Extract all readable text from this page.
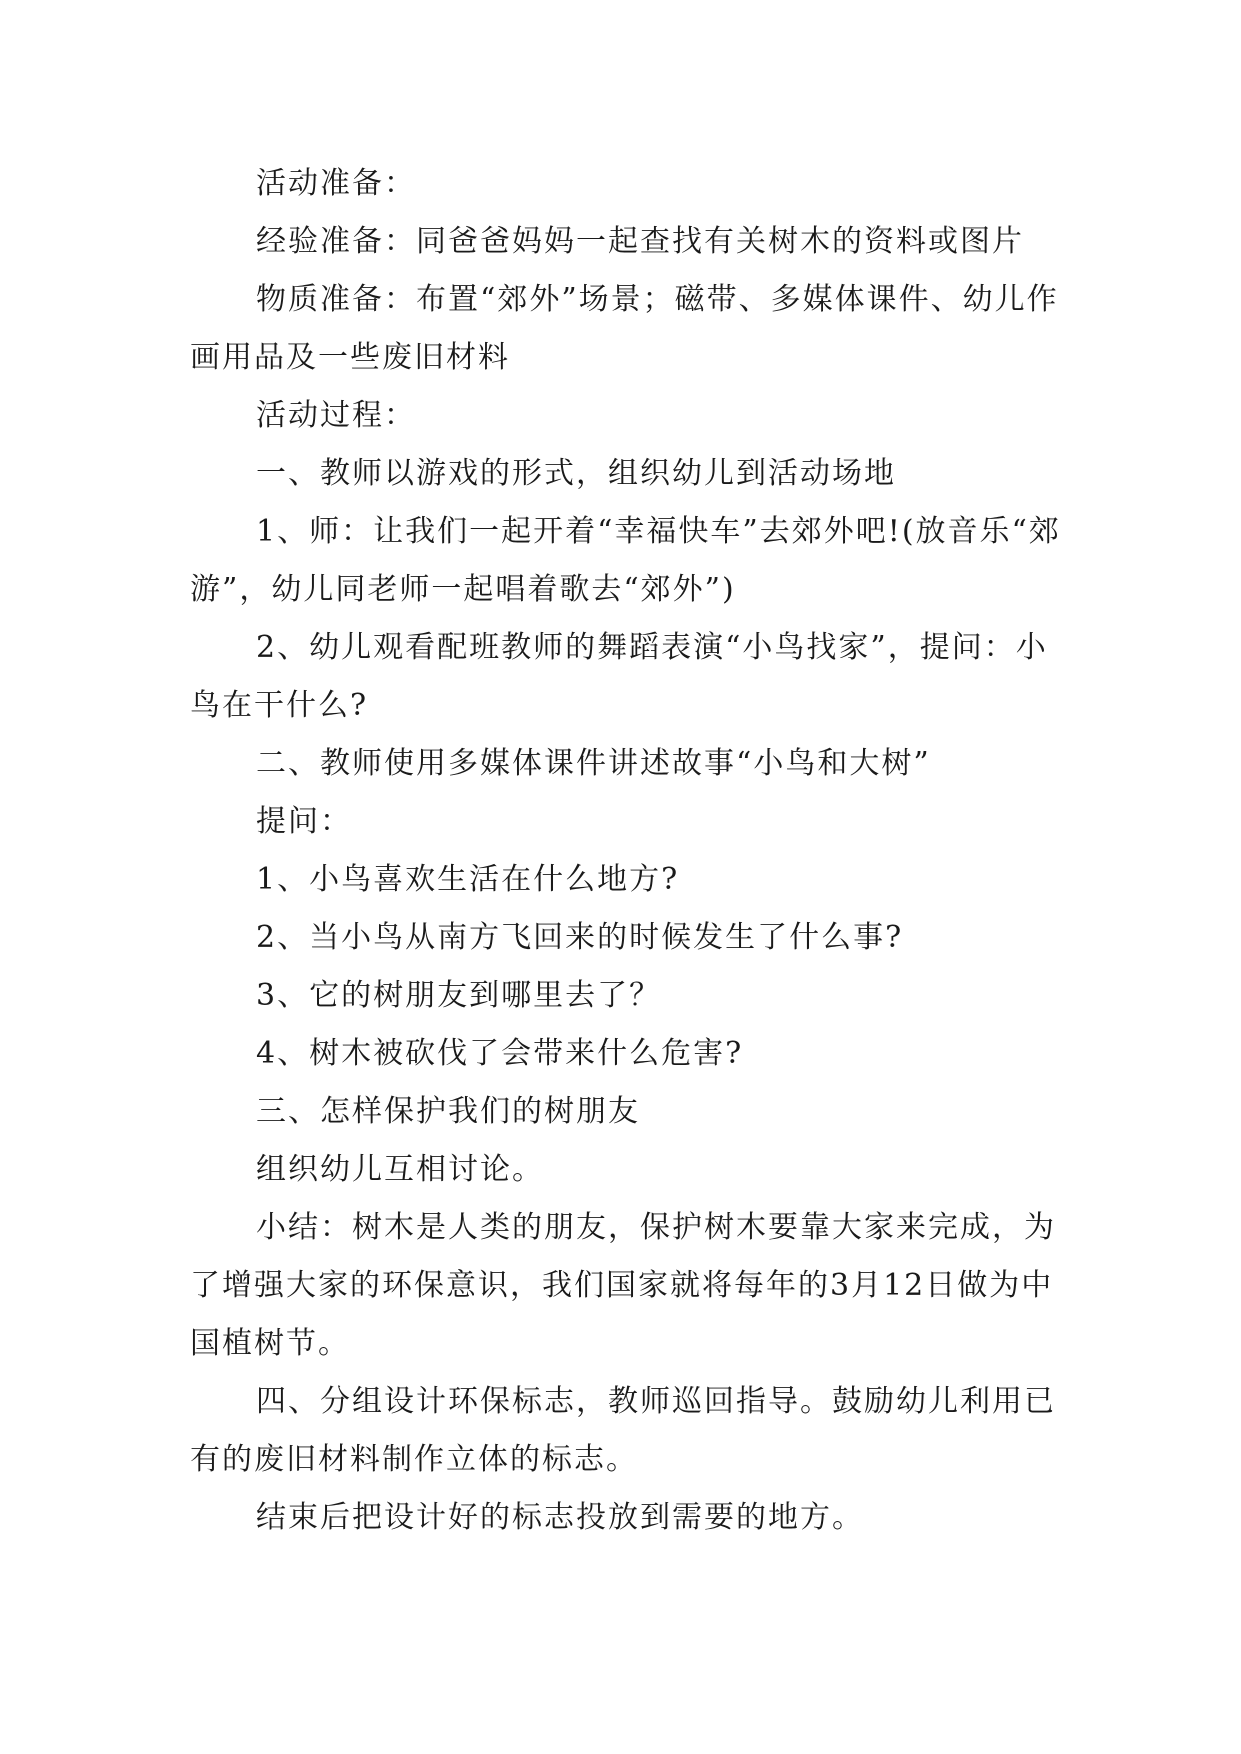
活动准备：

经验准备：同爸爸妈妈一起查找有关树木的资料或图片

物质准备：布置“郊外”场景；磁带、多媒体课件、幼儿作画用品及一些废旧材料

活动过程：

一、教师以游戏的形式，组织幼儿到活动场地

1、师：让我们一起开着“幸福快车”去郊外吧!(放音乐“郊游”，幼儿同老师一起唱着歌去“郊外”)

2、幼儿观看配班教师的舞蹈表演“小鸟找家”，提问：小鸟在干什么?

二、教师使用多媒体课件讲述故事“小鸟和大树”

提问：

1、小鸟喜欢生活在什么地方?

2、当小鸟从南方飞回来的时候发生了什么事?

3、它的树朋友到哪里去了？

4、树木被砍伐了会带来什么危害?

三、怎样保护我们的树朋友

组织幼儿互相讨论。

小结：树木是人类的朋友，保护树木要靠大家来完成，为了增强大家的环保意识，我们国家就将每年的3月12日做为中国植树节。

四、分组设计环保标志，教师巡回指导。鼓励幼儿利用已有的废旧材料制作立体的标志。

结束后把设计好的标志投放到需要的地方。
